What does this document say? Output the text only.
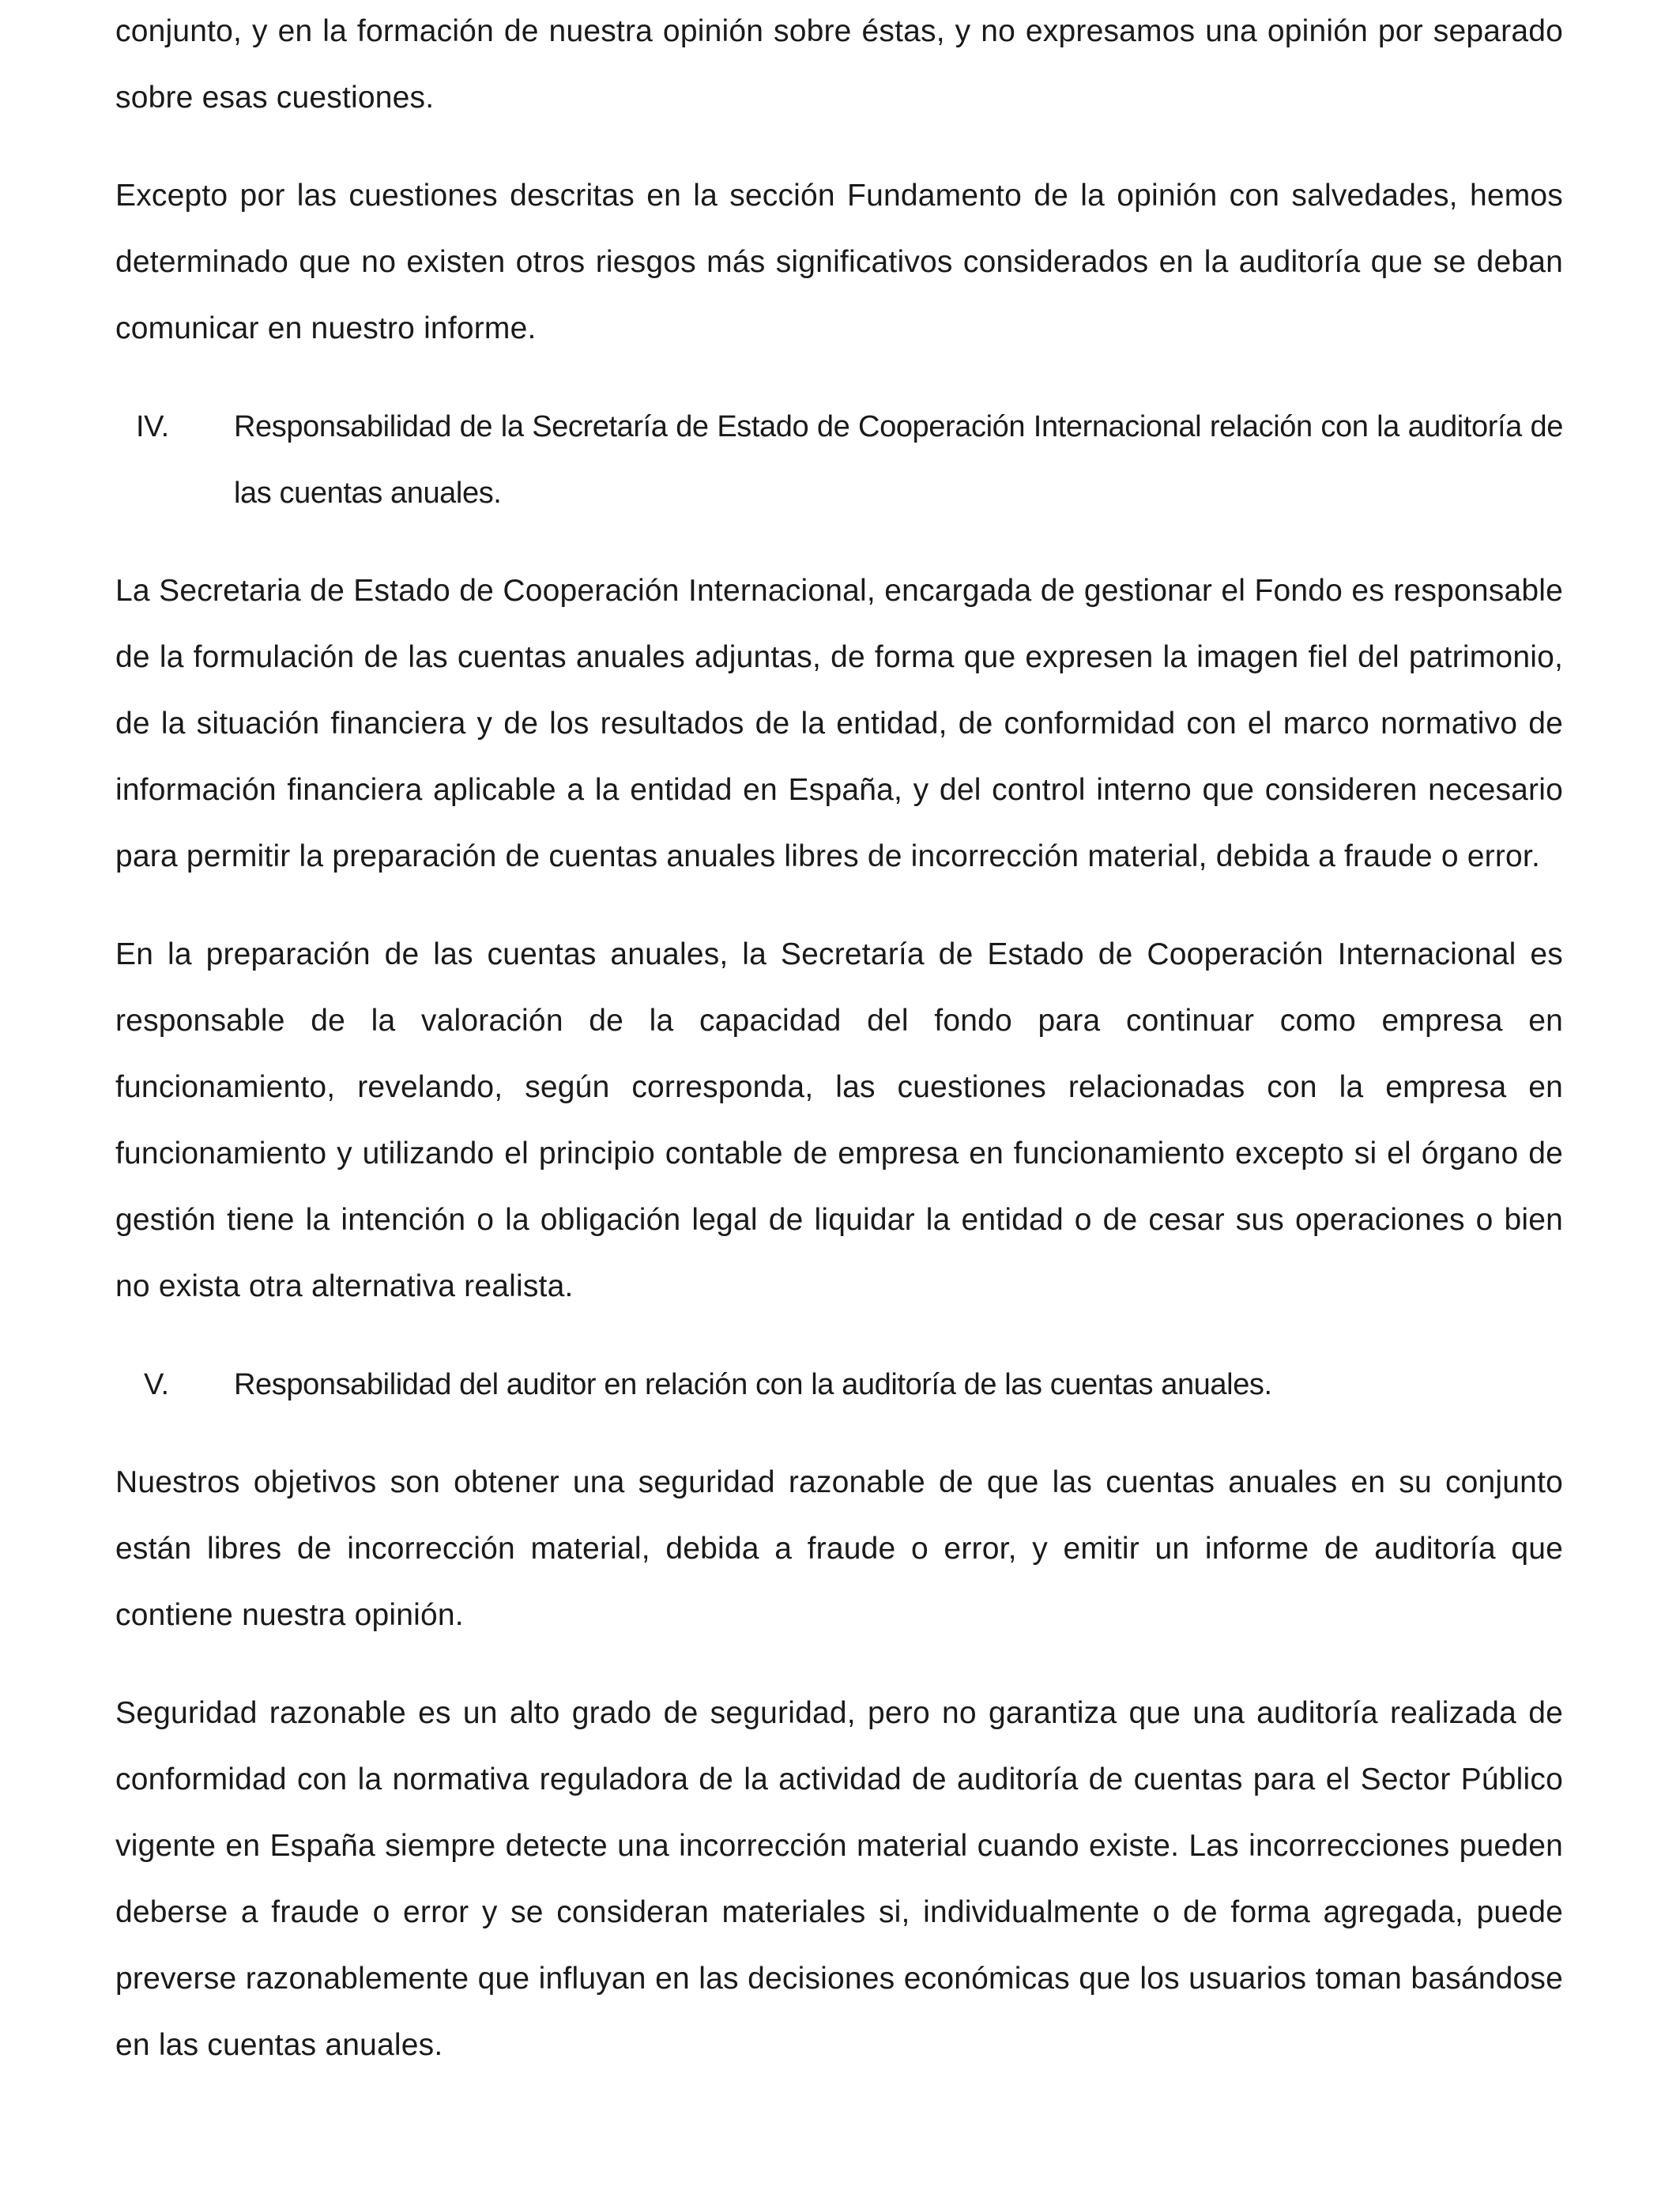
conjunto, y en la formación de nuestra opinión sobre éstas, y no expresamos una opinión por separado sobre esas cuestiones.

Excepto por las cuestiones descritas en la sección Fundamento de la opinión con salvedades, hemos determinado que no existen otros riesgos más significativos considerados en la auditoría que se deban comunicar en nuestro informe.

IV.	Responsabilidad de la Secretaría de Estado de Cooperación Internacional relación con la auditoría de las cuentas anuales.

La Secretaria de Estado de Cooperación Internacional, encargada de gestionar el Fondo es responsable de la formulación de las cuentas anuales adjuntas, de forma que expresen la imagen fiel del patrimonio, de la situación financiera y de los resultados de la entidad, de conformidad con el marco normativo de información financiera aplicable a la entidad en España, y del control interno que consideren necesario para permitir la preparación de cuentas anuales libres de incorrección material, debida a fraude o error.

En la preparación de las cuentas anuales, la Secretaría de Estado de Cooperación Internacional es responsable de la valoración de la capacidad del fondo para continuar como empresa en funcionamiento, revelando, según corresponda, las cuestiones relacionadas con la empresa en funcionamiento y utilizando el principio contable de empresa en funcionamiento excepto si el órgano de gestión tiene la intención o la obligación legal de liquidar la entidad o de cesar sus operaciones o bien no exista otra alternativa realista.

V.	Responsabilidad del auditor en relación con la auditoría de las cuentas anuales.

Nuestros objetivos son obtener una seguridad razonable de que las cuentas anuales en su conjunto están libres de incorrección material, debida a fraude o error, y emitir un informe de auditoría que contiene nuestra opinión.

Seguridad razonable es un alto grado de seguridad, pero no garantiza que una auditoría realizada de conformidad con la normativa reguladora de la actividad de auditoría de cuentas para el Sector Público vigente en España siempre detecte una incorrección material cuando existe. Las incorrecciones pueden deberse a fraude o error y se consideran materiales si, individualmente o de forma agregada, puede preverse razonablemente que influyan en las decisiones económicas que los usuarios toman basándose en las cuentas anuales.
